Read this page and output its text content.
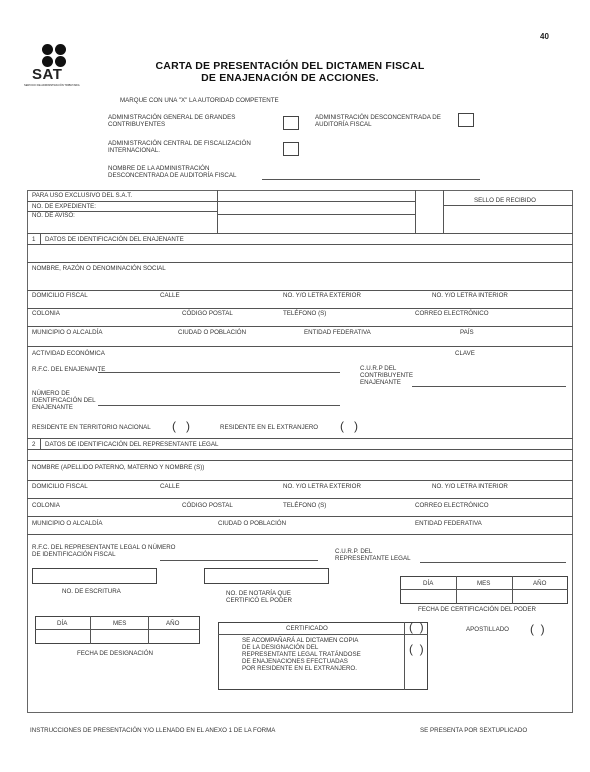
40
SAT
SERVICIO DE ADMINISTRACIÓN TRIBUTARIA
CARTA DE PRESENTACIÓN DEL DICTAMEN FISCAL
DE ENAJENACIÓN DE ACCIONES.
MARQUE CON UNA "X" LA AUTORIDAD COMPETENTE
ADMINISTRACIÓN GENERAL DE GRANDES CONTRIBUYENTES
ADMINISTRACIÓN DESCONCENTRADA DE AUDITORÍA FISCAL
ADMINISTRACIÓN CENTRAL DE FISCALIZACIÓN INTERNACIONAL.
NOMBRE DE LA ADMINISTRACIÓN DESCONCENTRADA DE AUDITORÍA FISCAL
PARA USO EXCLUSIVO DEL S.A.T.
NO. DE EXPEDIENTE:
NO. DE AVISO:
SELLO DE RECIBIDO
1 DATOS DE IDENTIFICACIÓN DEL ENAJENANTE
NOMBRE, RAZÓN O DENOMINACIÓN SOCIAL
DOMICILIO FISCAL	CALLE	NO. Y/O LETRA EXTERIOR	NO. Y/O LETRA INTERIOR
COLONIA	CÓDIGO POSTAL	TELÉFONO (S)	CORREO ELECTRÓNICO
MUNICIPIO O ALCALDÍA	CIUDAD O POBLACIÓN	ENTIDAD FEDERATIVA	PAÍS
ACTIVIDAD ECONÓMICA	CLAVE
R.F.C. DEL ENAJENANTE	C.U.R.P DEL CONTRIBUYENTE ENAJENANTE
NÚMERO DE IDENTIFICACIÓN DEL ENAJENANTE
RESIDENTE EN TERRITORIO NACIONAL (   )	RESIDENTE EN EL EXTRANJERO (   )
2 DATOS DE IDENTIFICACIÓN DEL REPRESENTANTE LEGAL
NOMBRE (APELLIDO PATERNO, MATERNO Y NOMBRE (S))
DOMICILIO FISCAL	CALLE	NO. Y/O LETRA EXTERIOR	NO. Y/O LETRA INTERIOR
COLONIA	CÓDIGO POSTAL	TELÉFONO (S)	CORREO ELECTRÓNICO
MUNICIPIO O ALCALDÍA	CIUDAD O POBLACIÓN	ENTIDAD FEDERATIVA
R.F.C. DEL REPRESENTANTE LEGAL O NÚMERO DE IDENTIFICACIÓN FISCAL	C.U.R.P. DEL REPRESENTANTE LEGAL
NO. DE ESCRITURA	NO. DE NOTARÍA QUE CERTIFICÓ EL PODER
DÍA	MES	AÑO
FECHA DE CERTIFICACIÓN DEL PODER
DÍA	MES	AÑO
FECHA DE DESIGNACIÓN
CERTIFICADO	(  )
SE ACOMPAÑARÁ AL DICTAMEN COPIA DE LA DESIGNACIÓN DEL REPRESENTANTE LEGAL TRATÁNDOSE DE ENAJENACIONES EFECTUADAS POR RESIDENTE EN EL EXTRANJERO.
(  )
APOSTILLADO (  )
INSTRUCCIONES DE PRESENTACIÓN Y/O LLENADO EN EL ANEXO 1 DE LA FORMA	SE PRESENTA POR SEXTUPLICADO
